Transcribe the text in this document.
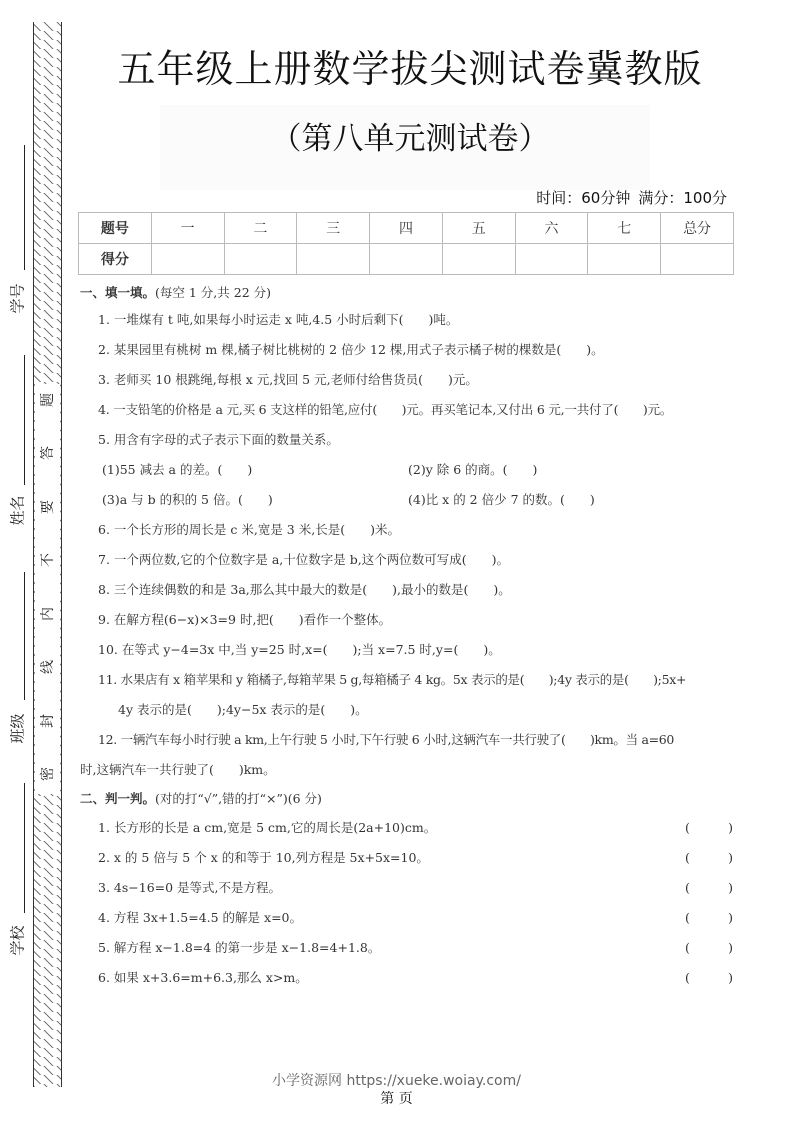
题
答
要
不
内
线
封
密
学号
姓名
班级
学校
五年级上册数学拔尖测试卷冀教版
（第八单元测试卷）
时间：60分钟 满分：100分
题号	一	二	三	四	五	六	七	总分
得分								
一、填一填。(每空 1 分,共 22 分)
1. 一堆煤有 t 吨,如果每小时运走 x 吨,4.5 小时后剩下(　　)吨。
2. 某果园里有桃树 m 棵,橘子树比桃树的 2 倍少 12 棵,用式子表示橘子树的棵数是(　　)。
3. 老师买 10 根跳绳,每根 x 元,找回 5 元,老师付给售货员(　　)元。
4. 一支铅笔的价格是 a 元,买 6 支这样的铅笔,应付(　　)元。再买笔记本,又付出 6 元,一共付了(　　)元。
5. 用含有字母的式子表示下面的数量关系。
(1)55 减去 a 的差。(　　)	(2)y 除 6 的商。(　　)
(3)a 与 b 的积的 5 倍。(　　)	(4)比 x 的 2 倍少 7 的数。(　　)
6. 一个长方形的周长是 c 米,宽是 3 米,长是(　　)米。
7. 一个两位数,它的个位数字是 a,十位数字是 b,这个两位数可写成(　　)。
8. 三个连续偶数的和是 3a,那么其中最大的数是(　　),最小的数是(　　)。
9. 在解方程(6−x)×3=9 时,把(　　)看作一个整体。
10. 在等式 y−4=3x 中,当 y=25 时,x=(　　);当 x=7.5 时,y=(　　)。
11. 水果店有 x 箱苹果和 y 箱橘子,每箱苹果 5 g,每箱橘子 4 kg。5x 表示的是(　　);4y 表示的是(　　);5x+
4y 表示的是(　　);4y−5x 表示的是(　　)。
12. 一辆汽车每小时行驶 a km,上午行驶 5 小时,下午行驶 6 小时,这辆汽车一共行驶了(　　)km。当 a=60
时,这辆汽车一共行驶了(　　)km。
二、判一判。(对的打“√”,错的打“×”)(6 分)
1. 长方形的长是 a cm,宽是 5 cm,它的周长是(2a+10)cm。	(	)
2. x 的 5 倍与 5 个 x 的和等于 10,列方程是 5x+5x=10。	(	)
3. 4s−16=0 是等式,不是方程。	(	)
4. 方程 3x+1.5=4.5 的解是 x=0。	(	)
5. 解方程 x−1.8=4 的第一步是 x−1.8=4+1.8。	(	)
6. 如果 x+3.6=m+6.3,那么 x>m。	(	)
小学资源网 https://xueke.woiay.com/
第 页
